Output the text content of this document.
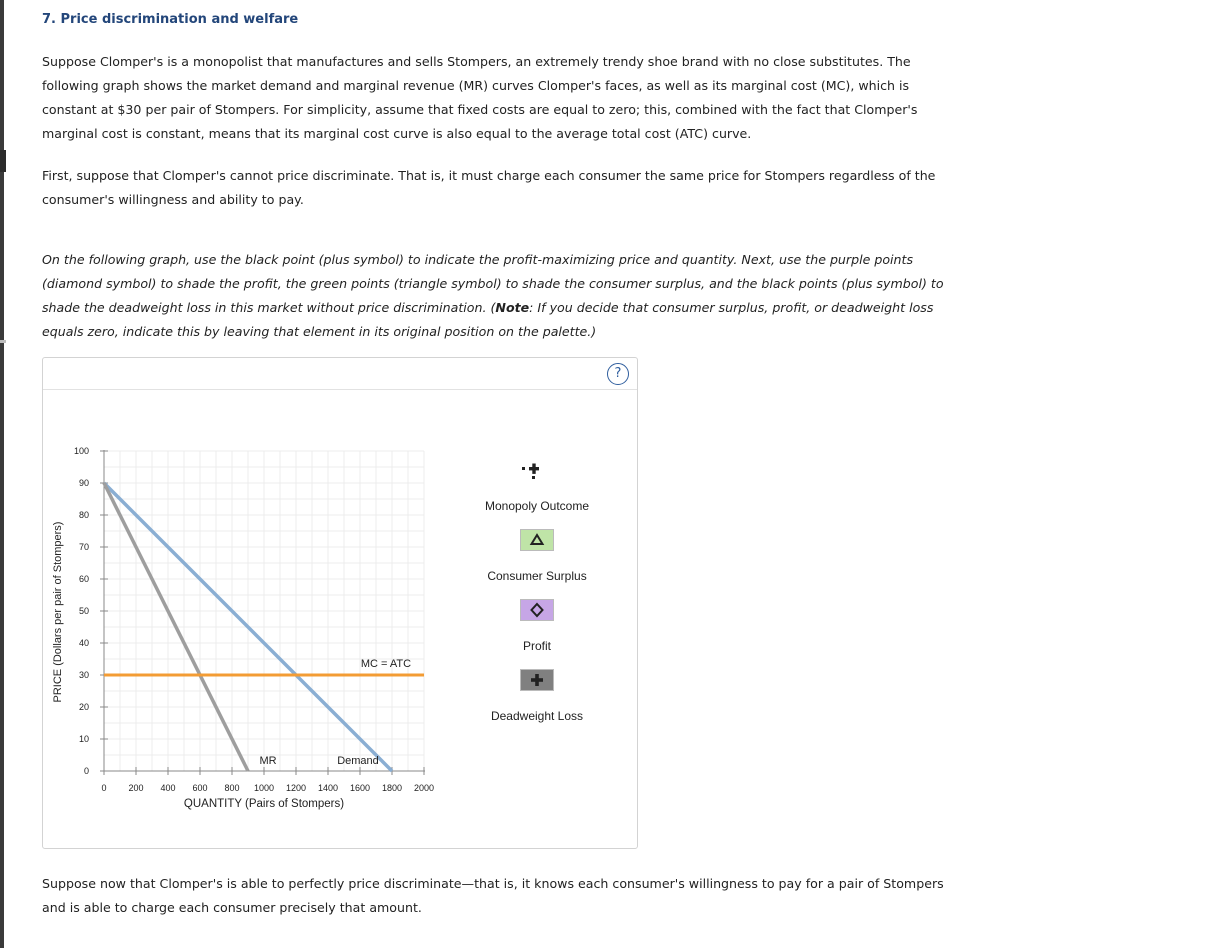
7. Price discrimination and welfare

Suppose Clomper's is a monopolist that manufactures and sells Stompers, an extremely trendy shoe brand with no close substitutes. The following graph shows the market demand and marginal revenue (MR) curves Clomper's faces, as well as its marginal cost (MC), which is constant at $30 per pair of Stompers. For simplicity, assume that fixed costs are equal to zero; this, combined with the fact that Clomper's marginal cost is constant, means that its marginal cost curve is also equal to the average total cost (ATC) curve.

First, suppose that Clomper's cannot price discriminate. That is, it must charge each consumer the same price for Stompers regardless of the consumer's willingness and ability to pay.

On the following graph, use the black point (plus symbol) to indicate the profit-maximizing price and quantity. Next, use the purple points (diamond symbol) to shade the profit, the green points (triangle symbol) to shade the consumer surplus, and the black points (plus symbol) to shade the deadweight loss in this market without price discrimination. (Note: If you decide that consumer surplus, profit, or deadweight loss equals zero, indicate this by leaving that element in its original position on the palette.)

Suppose now that Clomper's is able to perfectly price discriminate—that is, it knows each consumer's willingness to pay for a pair of Stompers and is able to charge each consumer precisely that amount.

?
0 200 400 600 800 1000 1200 1400 1600 1800 2000
0
10
20
30
40
50
60
70
80
90
100
MR	Demand
MC = ATC
QUANTITY (Pairs of Stompers)
PRICE (Dollars per pair of Stompers)
Monopoly Outcome
Consumer Surplus
Profit
Deadweight Loss
